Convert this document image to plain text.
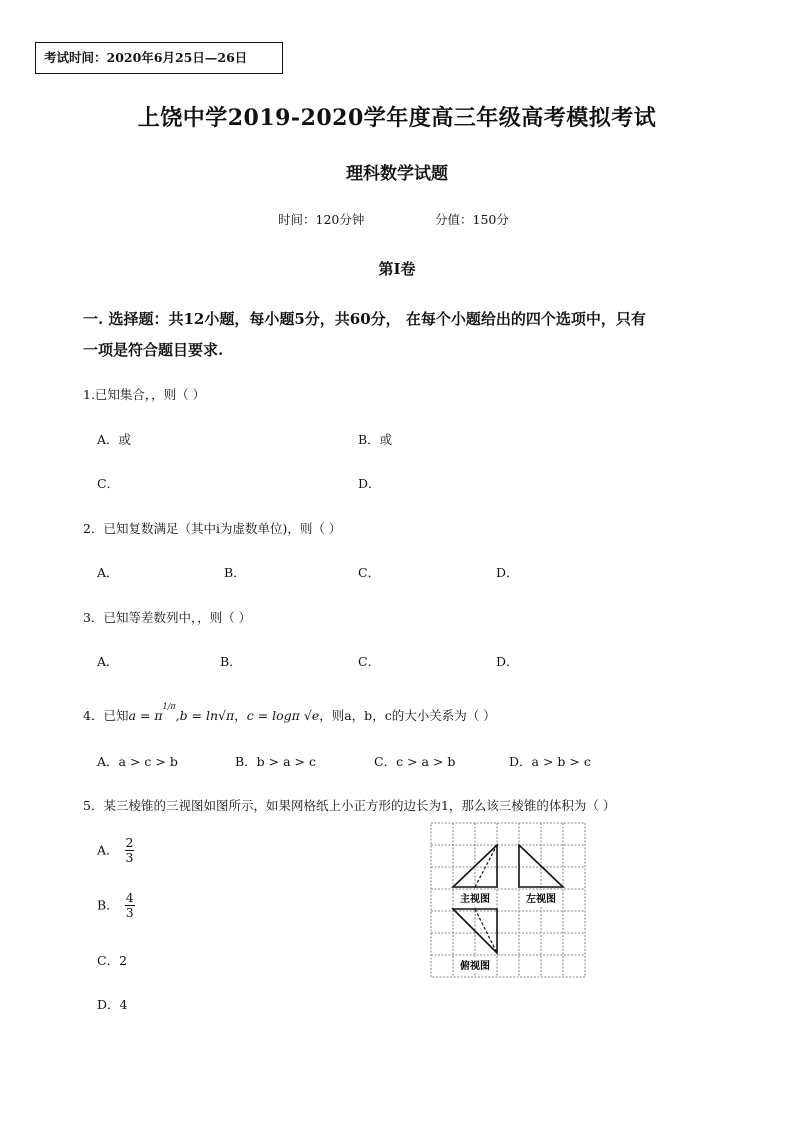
考试时间：2020年6月25日—26日
上饶中学2019-2020学年度高三年级高考模拟考试
理科数学试题
时间：120分钟	分值：150分
第Ⅰ卷
一. 选择题：共12小题，每小题5分，共60分， 在每个小题给出的四个选项中，只有
一项是符合题目要求.
1.已知集合，，则（ ）
A．或	B．或
C．	D．
2．已知复数满足（其中i为虚数单位)，则（ ）
A．	B．	C．	D．
3．已知等差数列中，，则（ ）
A．	B．	C．	D．
4．已知$a = \pi^{1/\pi},b = \ln√\pi$，c = logπ √e，则a，b，c的大小关系为（ ）
A．a > c > b	B．b > a > c	C．c > a > b	D．a > b > c
5．某三棱锥的三视图如图所示，如果网格纸上小正方形的边长为1，那么该三棱锥的体积为（ ）
A． $\frac{2}{3}$
B． $\frac{4}{3}$
C．2
D．4
主视图	左视图
俯视图
